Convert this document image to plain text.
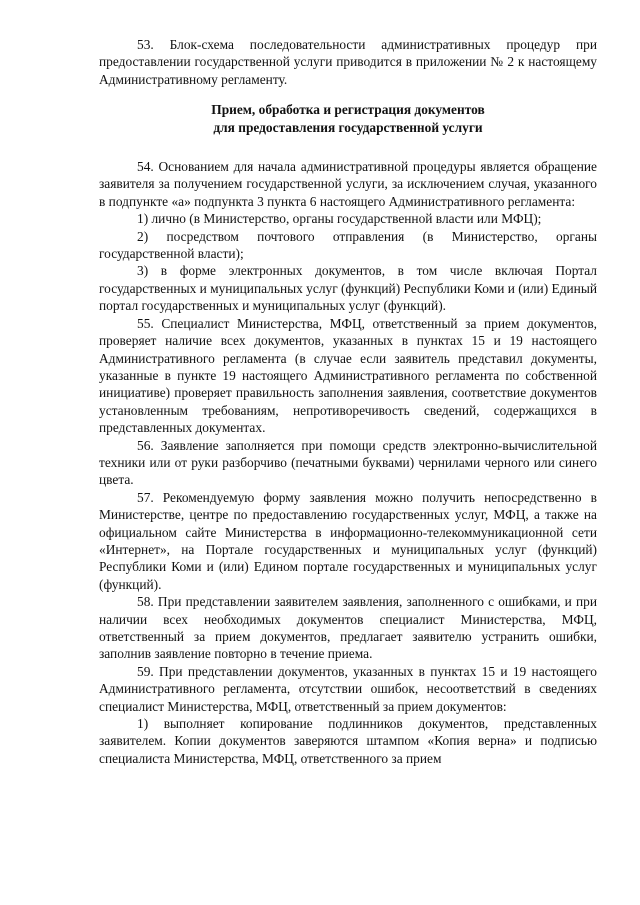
53. Блок-схема последовательности административных процедур при предоставлении государственной услуги приводится в приложении № 2 к настоящему Административному регламенту.

Прием, обработка и регистрация документов
для предоставления государственной услуги

54. Основанием для начала административной процедуры является обращение заявителя за получением государственной услуги, за исключением случая, указанного в подпункте «а» подпункта 3 пункта 6 настоящего Административного регламента:

1) лично (в Министерство, органы государственной власти или МФЦ);

2) посредством почтового отправления (в Министерство, органы государственной власти);

3) в форме электронных документов, в том числе включая Портал государственных и муниципальных услуг (функций) Республики Коми и (или) Единый портал государственных и муниципальных услуг (функций).

55. Специалист Министерства, МФЦ, ответственный за прием документов, проверяет наличие всех документов, указанных в пунктах 15 и 19 настоящего Административного регламента (в случае если заявитель представил документы, указанные в пункте 19 настоящего Административного регламента по собственной инициативе) проверяет правильность заполнения заявления, соответствие документов установленным требованиям, непротиворечивость сведений, содержащихся в представленных документах.

56. Заявление заполняется при помощи средств электронно-вычислительной техники или от руки разборчиво (печатными буквами) чернилами черного или синего цвета.

57. Рекомендуемую форму заявления можно получить непосредственно в Министерстве, центре по предоставлению государственных услуг, МФЦ, а также на официальном сайте Министерства в информационно-телекоммуникационной сети «Интернет», на Портале государственных и муниципальных услуг (функций) Республики Коми и (или) Едином портале государственных и муниципальных услуг (функций).

58. При представлении заявителем заявления, заполненного с ошибками, и при наличии всех необходимых документов специалист Министерства, МФЦ, ответственный за прием документов, предлагает заявителю устранить ошибки, заполнив заявление повторно в течение приема.

59. При представлении документов, указанных в пунктах 15 и 19 настоящего Административного регламента, отсутствии ошибок, несоответствий в сведениях специалист Министерства, МФЦ, ответственный за прием документов:

1) выполняет копирование подлинников документов, представленных заявителем. Копии документов заверяются штампом «Копия верна» и подписью специалиста Министерства, МФЦ, ответственного за прием
